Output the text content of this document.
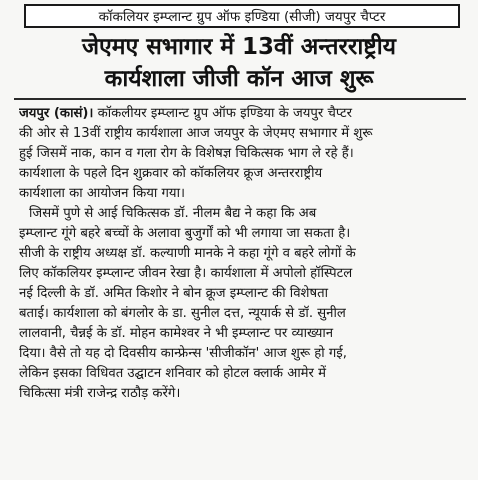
कॉकलियर इम्प्लान्ट ग्रुप ऑफ इण्डिया (सीजी) जयपुर चैप्टर
जेएमए सभागार में 13वीं अन्तरराष्ट्रीय
कार्यशाला जीजी कॉन आज शुरू
जयपुर (कासं)। कॉकलीयर इम्प्लान्ट ग्रुप ऑफ इण्डिया के जयपुर चैप्टर
की ओर से 13वीं राष्ट्रीय कार्यशाला आज जयपुर के जेएमए सभागार में शुरू
हुई जिसमें नाक, कान व गला रोग के विशेषज्ञ चिकित्सक भाग ले रहे हैं।
कार्यशाला के पहले दिन शुक्रवार को कॉकलियर क्रूज अन्तरराष्ट्रीय
कार्यशाला का आयोजन किया गया।
जिसमें पुणे से आई चिकित्सक डॉ. नीलम बैद्य ने कहा कि अब
इम्प्लान्ट गूंगे बहरे बच्चों के अलावा बुजुर्गों को भी लगाया जा सकता है।
सीजी के राष्ट्रीय अध्यक्ष डॉ. कल्याणी मानके ने कहा गूंगे व बहरे लोगों के
लिए कॉकलियर इम्प्लान्ट जीवन रेखा है। कार्यशाला में अपोलो हॉस्पिटल
नई दिल्ली के डॉ. अमित किशोर ने बोन क्रूज इम्प्लान्ट की विशेषता
बताई। कार्यशाला को बंगलोर के डा. सुनील दत्त, न्यूयार्क से डॉ. सुनील
लालवानी, चैन्नई के डॉ. मोहन कामेश्वर ने भी इम्प्लान्ट पर व्याख्यान
दिया। वैसे तो यह दो दिवसीय कान्फ्रेन्स 'सीजीकॉन' आज शुरू हो गई,
लेकिन इसका विधिवत उद्घाटन शनिवार को होटल क्लार्क आमेर में
चिकित्सा मंत्री राजेन्द्र राठौड़ करेंगे।
